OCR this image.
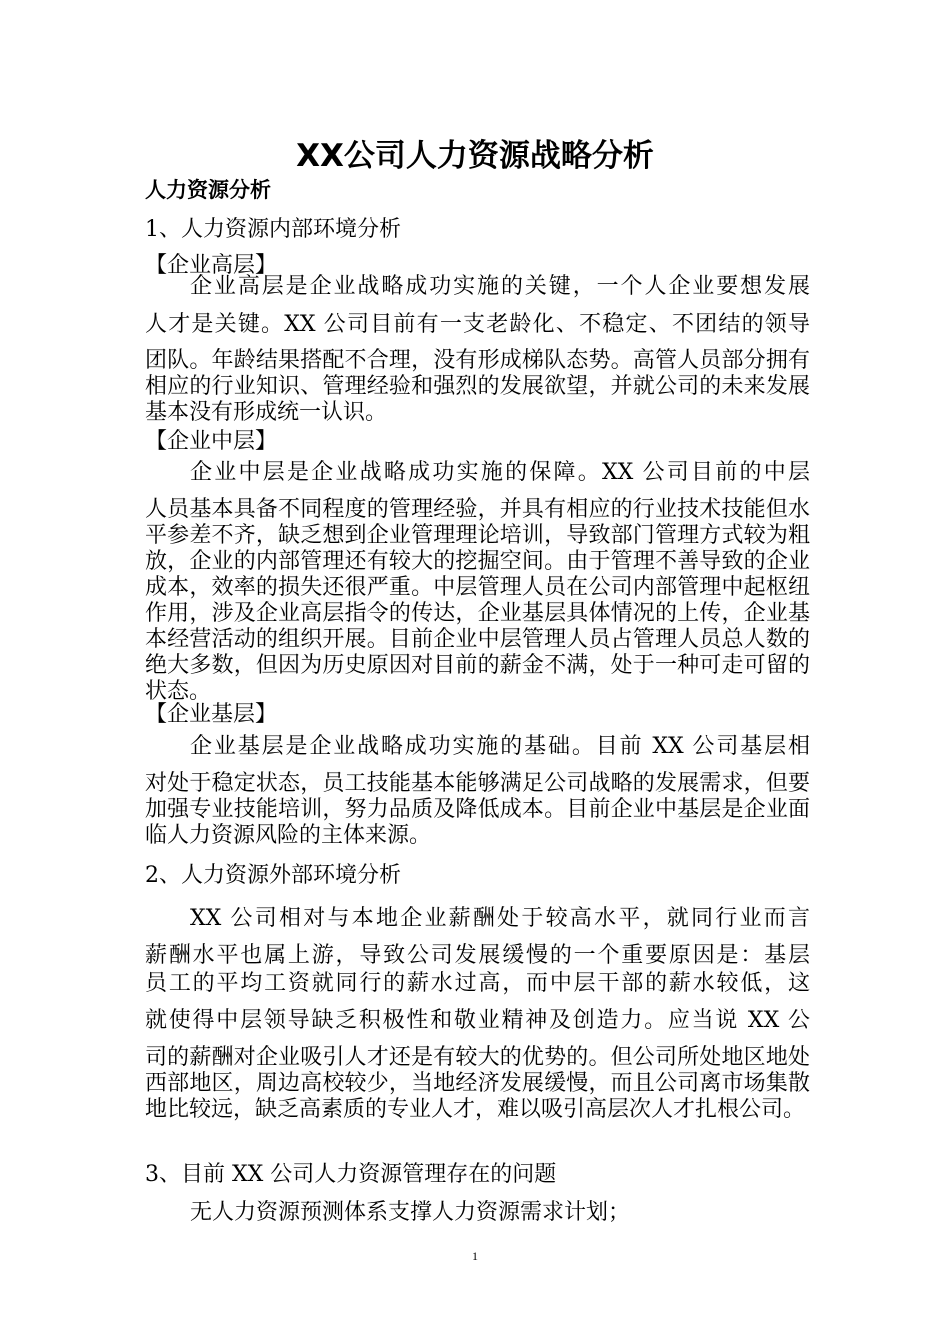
XX公司人力资源战略分析

人力资源分析

1、人力资源内部环境分析

【企业高层】

企业高层是企业战略成功实施的关键，一个人企业要想发展

人才是关键。XX 公司目前有一支老龄化、不稳定、不团结的领导

团队。年龄结果搭配不合理，没有形成梯队态势。高管人员部分拥有相应的行业知识、管理经验和强烈的发展欲望，并就公司的未来发展基本没有形成统一认识。

【企业中层】

企业中层是企业战略成功实施的保障。XX 公司目前的中层

人员基本具备不同程度的管理经验，并具有相应的行业技术技能但水平参差不齐，缺乏想到企业管理理论培训，导致部门管理方式较为粗放，企业的内部管理还有较大的挖掘空间。由于管理不善导致的企业成本，效率的损失还很严重。中层管理人员在公司内部管理中起枢纽作用，涉及企业高层指令的传达，企业基层具体情况的上传，企业基本经营活动的组织开展。目前企业中层管理人员占管理人员总人数的绝大多数，但因为历史原因对目前的薪金不满，处于一种可走可留的状态。

【企业基层】

企业基层是企业战略成功实施的基础。目前 XX 公司基层相

对处于稳定状态，员工技能基本能够满足公司战略的发展需求，但要加强专业技能培训，努力品质及降低成本。目前企业中基层是企业面临人力资源风险的主体来源。

2、人力资源外部环境分析

XX 公司相对与本地企业薪酬处于较高水平，就同行业而言

薪酬水平也属上游，导致公司发展缓慢的一个重要原因是：基层

员工的平均工资就同行的薪水过高，而中层干部的薪水较低，这

就使得中层领导缺乏积极性和敬业精神及创造力。应当说 XX 公

司的薪酬对企业吸引人才还是有较大的优势的。但公司所处地区地处西部地区，周边高校较少，当地经济发展缓慢，而且公司离市场集散地比较远，缺乏高素质的专业人才，难以吸引高层次人才扎根公司。

3、目前 XX 公司人力资源管理存在的问题

无人力资源预测体系支撑人力资源需求计划；

1
